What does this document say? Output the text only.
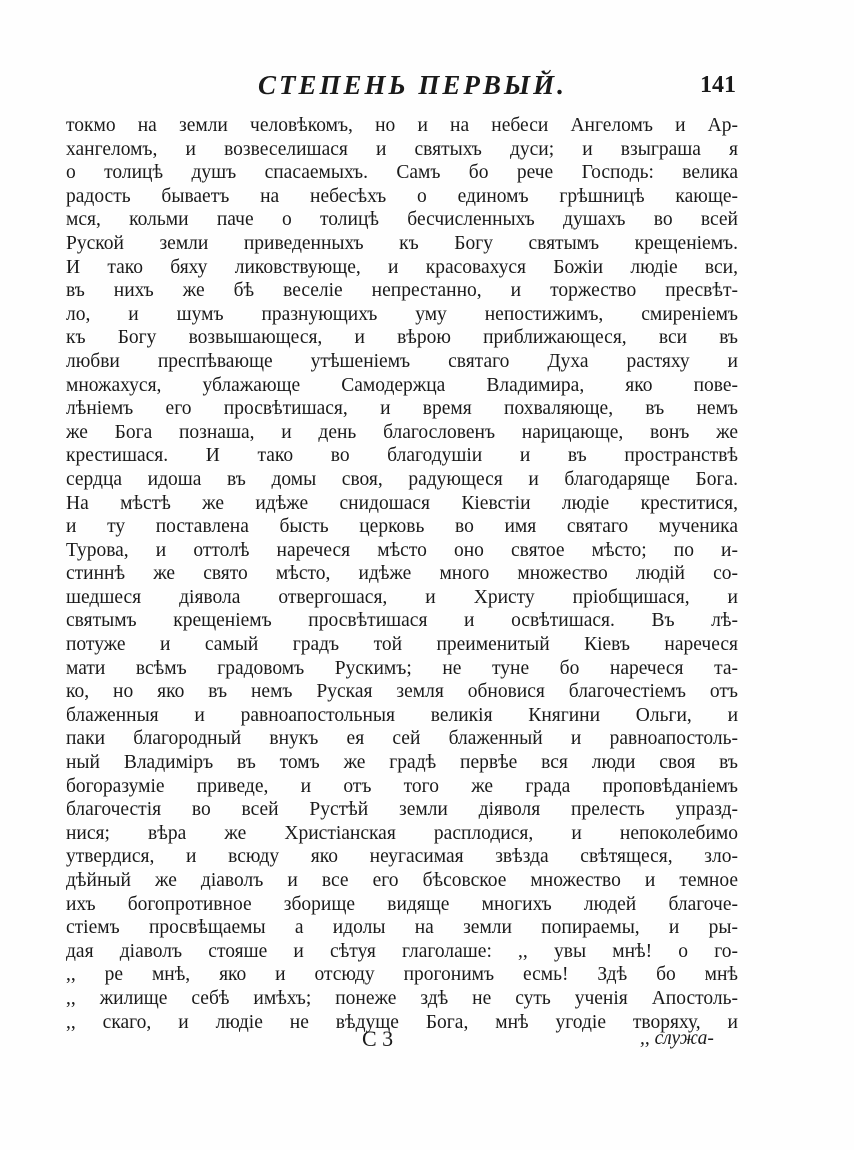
СТЕПЕНЬ ПЕРВЫЙ.	141
токмо на земли человѣкомъ, но и на небеси Ангеломъ и Ар-
хангеломъ, и возвеселишася и святыхъ дуси; и взыграша я
о толицѣ душъ спасаемыхъ. Самъ бо рече Господь: велика
радость бываетъ на небесѣхъ о единомъ грѣшницѣ кающе-
мся, кольми паче о толицѣ бесчисленныхъ душахъ во всей
Руской земли приведенныхъ къ Богу святымъ крещеніемъ.
И тако бяху ликовствующе, и красовахуся Божіи людіе вси,
въ нихъ же бѣ веселіе непрестанно, и торжество пресвѣт-
ло, и шумъ празнующихъ уму непостижимъ, смиреніемъ
къ Богу возвышающеся, и вѣрою приближающеся, вси въ
любви преспѣвающе утѣшеніемъ святаго Духа растяху и
множахуся, ублажающе Самодержца Владимира, яко пове-
лѣніемъ его просвѣтишася, и время похваляюще, въ немъ
же Бога познаша, и день благословенъ нарицающе, вонъ же
крестишася. И тако во благодушіи и въ пространствѣ
сердца идоша въ домы своя, радующеся и благодаряще Бога.
На мѣстѣ же идѣже снидошася Кіевстіи людіе креститися,
и ту поставлена бысть церковь во имя святаго мученика
Турова, и оттолѣ наречеся мѣсто оно святое мѣсто; по и-
стиннѣ же свято мѣсто, идѣже много множество людій со-
шедшеся діявола отвергошася, и Христу пріобщишася, и
святымъ крещеніемъ просвѣтишася и освѣтишася. Въ лѣ-
потуже и самый градъ той преименитый Кіевъ наречеся
мати всѣмъ градовомъ Рускимъ; не туне бо наречеся та-
ко, но яко въ немъ Руская земля обновися благочестіемъ отъ
блаженныя и равноапостольныя великія Княгини Ольги, и
паки благородный внукъ ея сей блаженный и равноапостоль-
ный Владиміръ въ томъ же градѣ первѣе вся люди своя въ
богоразуміе приведе, и отъ того же града проповѣданіемъ
благочестія во всей Рустѣй земли діяволя прелесть упразд-
нися; вѣра же Христіанская расплодися, и непоколебимо
утвердися, и всюду яко неугасимая звѣзда свѣтящеся, зло-
дѣйный же діаволъ и все его бѣсовское множество и темное
ихъ богопротивное зборище видяще многихъ людей благоче-
стіемъ просвѣщаемы а идолы на земли попираемы, и ры-
дая діаволъ стояше и сѣтуя глаголаше: ,, увы мнѣ! о го-
,, ре мнѣ, яко и отсюду прогонимъ есмь! Здѣ бо мнѣ
,, жилище себѣ имѣхъ; понеже здѣ не суть ученія Апостоль-
,, скаго, и людіе не вѣдуще Бога, мнѣ угодіе творяху, и
С 3	,, служа-
